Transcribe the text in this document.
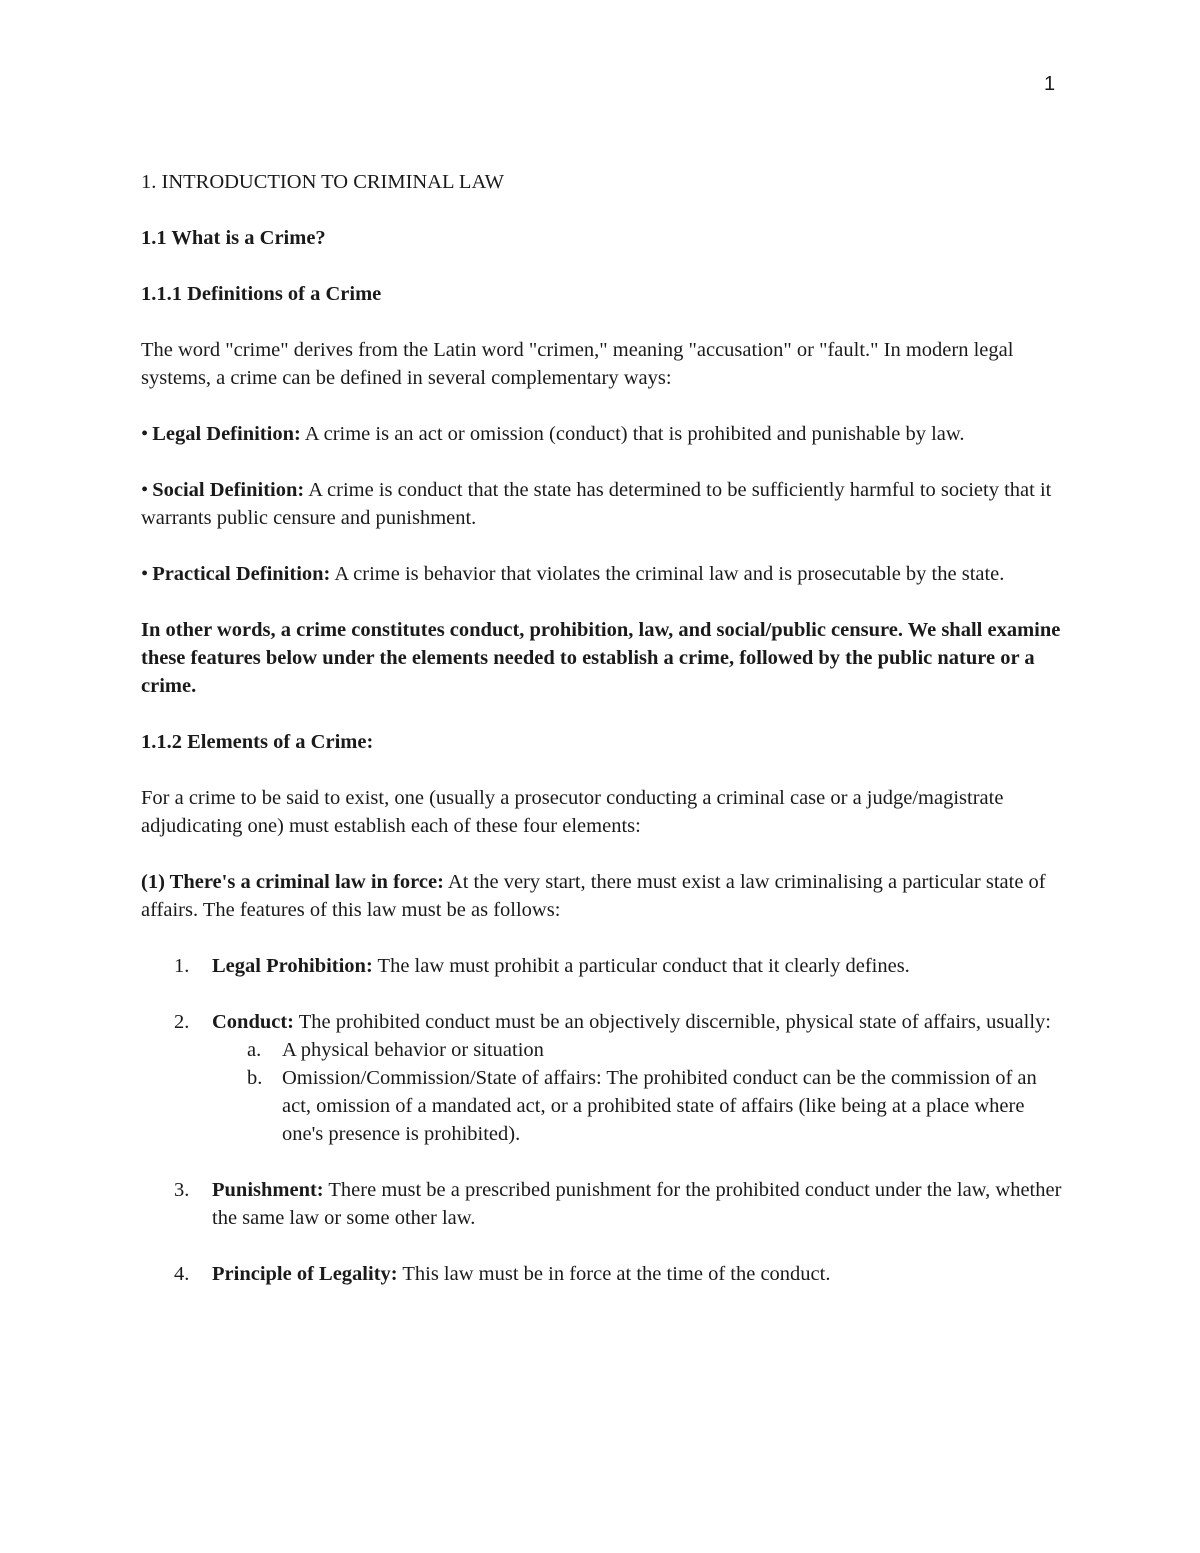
1

1. INTRODUCTION TO CRIMINAL LAW

1.1 What is a Crime?

1.1.1 Definitions of a Crime

The word "crime" derives from the Latin word "crimen," meaning "accusation" or "fault." In modern legal systems, a crime can be defined in several complementary ways:

• Legal Definition: A crime is an act or omission (conduct) that is prohibited and punishable by law.

• Social Definition: A crime is conduct that the state has determined to be sufficiently harmful to society that it warrants public censure and punishment.

• Practical Definition: A crime is behavior that violates the criminal law and is prosecutable by the state.

In other words, a crime constitutes conduct, prohibition, law, and social/public censure. We shall examine these features below under the elements needed to establish a crime, followed by the public nature or a crime.

1.1.2 Elements of a Crime:

For a crime to be said to exist, one (usually a prosecutor conducting a criminal case or a judge/magistrate adjudicating one) must establish each of these four elements:

(1) There's a criminal law in force: At the very start, there must exist a law criminalising a particular state of affairs. The features of this law must be as follows:

1. Legal Prohibition: The law must prohibit a particular conduct that it clearly defines.
2. Conduct: The prohibited conduct must be an objectively discernible, physical state of affairs, usually:
a. A physical behavior or situation
b. Omission/Commission/State of affairs: The prohibited conduct can be the commission of an act, omission of a mandated act, or a prohibited state of affairs (like being at a place where one's presence is prohibited).
3. Punishment: There must be a prescribed punishment for the prohibited conduct under the law, whether the same law or some other law.
4. Principle of Legality: This law must be in force at the time of the conduct.
